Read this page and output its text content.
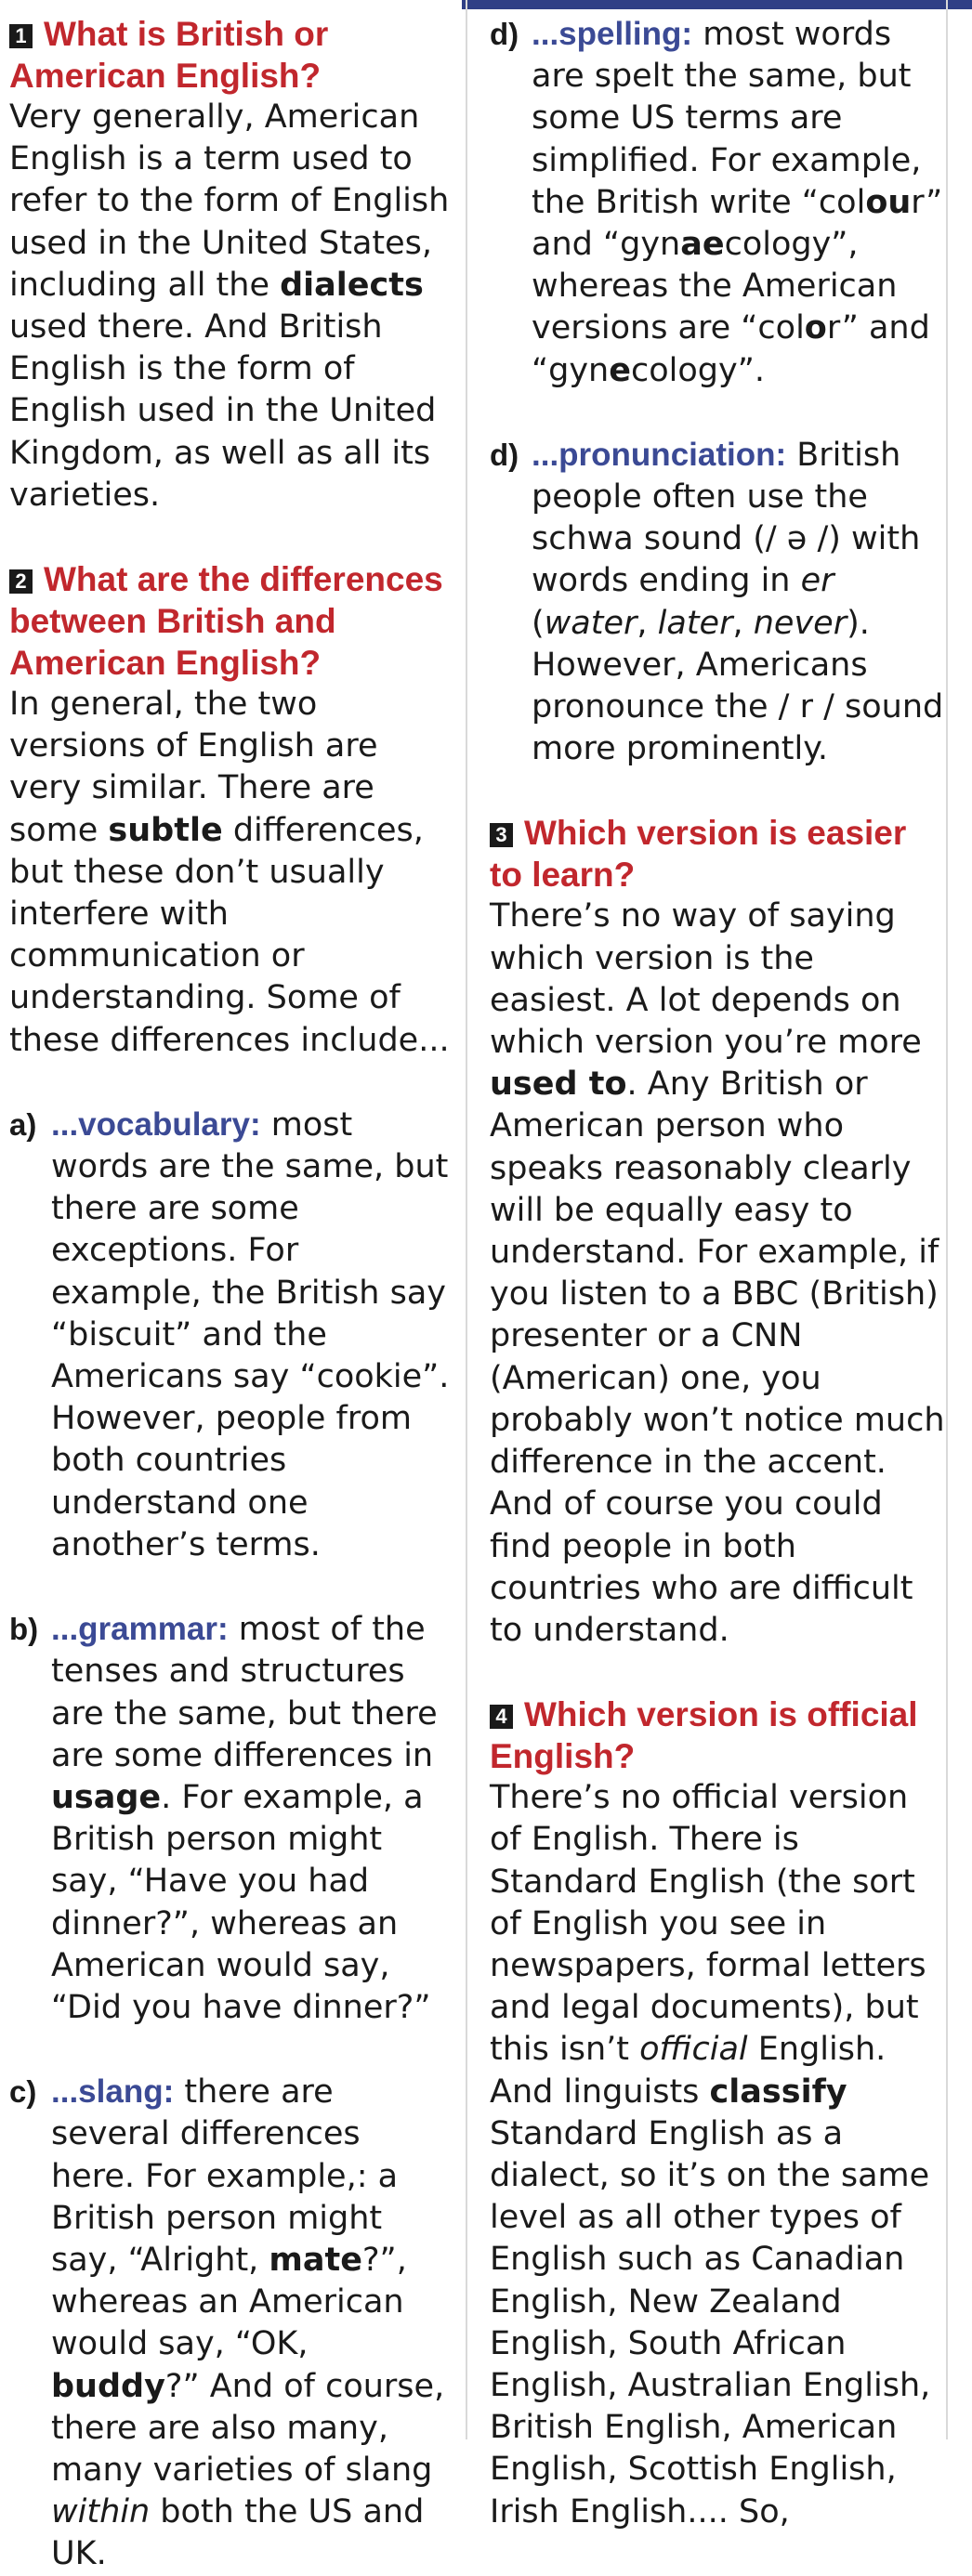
1 What is British or American English?

Very generally, American English is a term used to refer to the form of English used in the United States, including all the dialects used there. And British English is the form of English used in the United Kingdom, as well as all its varieties.

2 What are the differences between British and American English?

In general, the two versions of English are very similar. There are some subtle differences, but these don’t usually interfere with communication or understanding. Some of these differences include...

a) ...vocabulary: most words are the same, but there are some exceptions. For example, the British say “biscuit” and the Americans say “cookie”. However, people from both countries understand one another’s terms.
b) ...grammar: most of the tenses and structures are the same, but there are some differences in usage. For example, a British person might say, “Have you had dinner?”, whereas an American would say, “Did you have dinner?”
c) ...slang: there are several differences here. For example,: a British person might say, “Alright, mate?”, whereas an American would say, “OK, buddy?” And of course, there are also many, many varieties of slang within both the US and UK.
d) ...spelling: most words are spelt the same, but some US terms are simplified. For example, the British write “colour” and “gynaecology”, whereas the American versions are “color” and “gynecology”.
d) ...pronunciation: British people often use the schwa sound (/ ə /) with words ending in er (water, later, never). However, Americans pronounce the / r / sound more prominently.
3 Which version is easier to learn?

There’s no way of saying which version is the easiest. A lot depends on which version you’re more used to. Any British or American person who speaks reasonably clearly will be equally easy to understand. For example, if you listen to a BBC (British) presenter or a CNN (American) one, you probably won’t notice much difference in the accent. And of course you could find people in both countries who are difficult to understand.

4 Which version is official English?

There’s no official version of English. There is Standard English (the sort of English you see in newspapers, formal letters and legal documents), but this isn’t official English. And linguists classify Standard English as a dialect, so it’s on the same level as all other types of English such as Canadian English, New Zealand English, South African English, Australian English, British English, American English, Scottish English, Irish English.... So,
